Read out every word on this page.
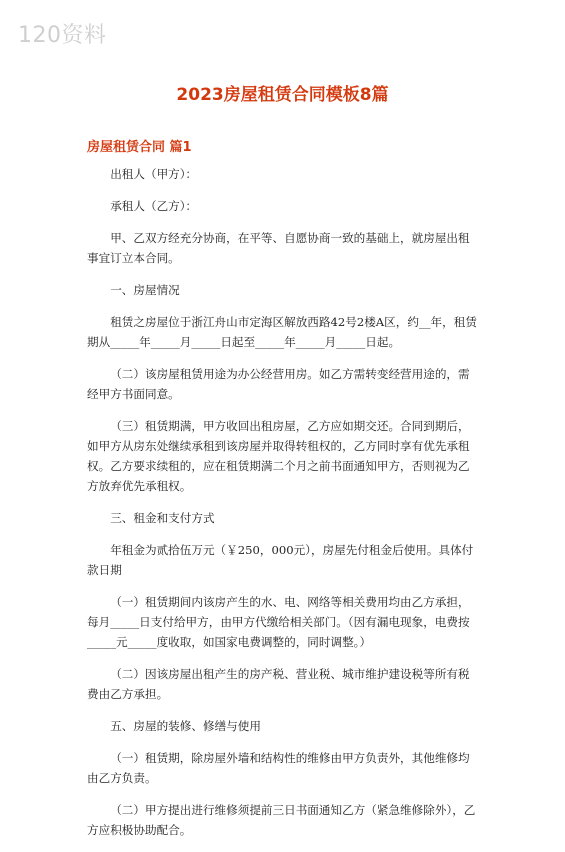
120资料
2023房屋租赁合同模板8篇
房屋租赁合同 篇1

出租人（甲方）：

承租人（乙方）：

甲、乙双方经充分协商，在平等、自愿协商一致的基础上，就房屋出租事宜订立本合同。

一、房屋情况

租赁之房屋位于浙江舟山市定海区解放西路42号2楼A区，约__年，租赁期从_____年_____月_____日起至_____年_____月_____日起。

（二）该房屋租赁用途为办公经营用房。如乙方需转变经营用途的，需经甲方书面同意。

（三）租赁期满，甲方收回出租房屋，乙方应如期交还。合同到期后，如甲方从房东处继续承租到该房屋并取得转租权的，乙方同时享有优先承租权。乙方要求续租的，应在租赁期满二个月之前书面通知甲方，否则视为乙方放弃优先承租权。

三、租金和支付方式

年租金为贰拾伍万元（￥250，000元），房屋先付租金后使用。具体付款日期

（一）租赁期间内该房产生的水、电、网络等相关费用均由乙方承担，每月_____日支付给甲方，由甲方代缴给相关部门。（因有漏电现象，电费按_____元_____度收取，如国家电费调整的，同时调整。）

（二）因该房屋出租产生的房产税、营业税、城市维护建设税等所有税费由乙方承担。

五、房屋的装修、修缮与使用

（一）租赁期，除房屋外墙和结构性的维修由甲方负责外，其他维修均由乙方负责。

（二）甲方提出进行维修须提前三日书面通知乙方（紧急维修除外），乙方应积极协助配合。
